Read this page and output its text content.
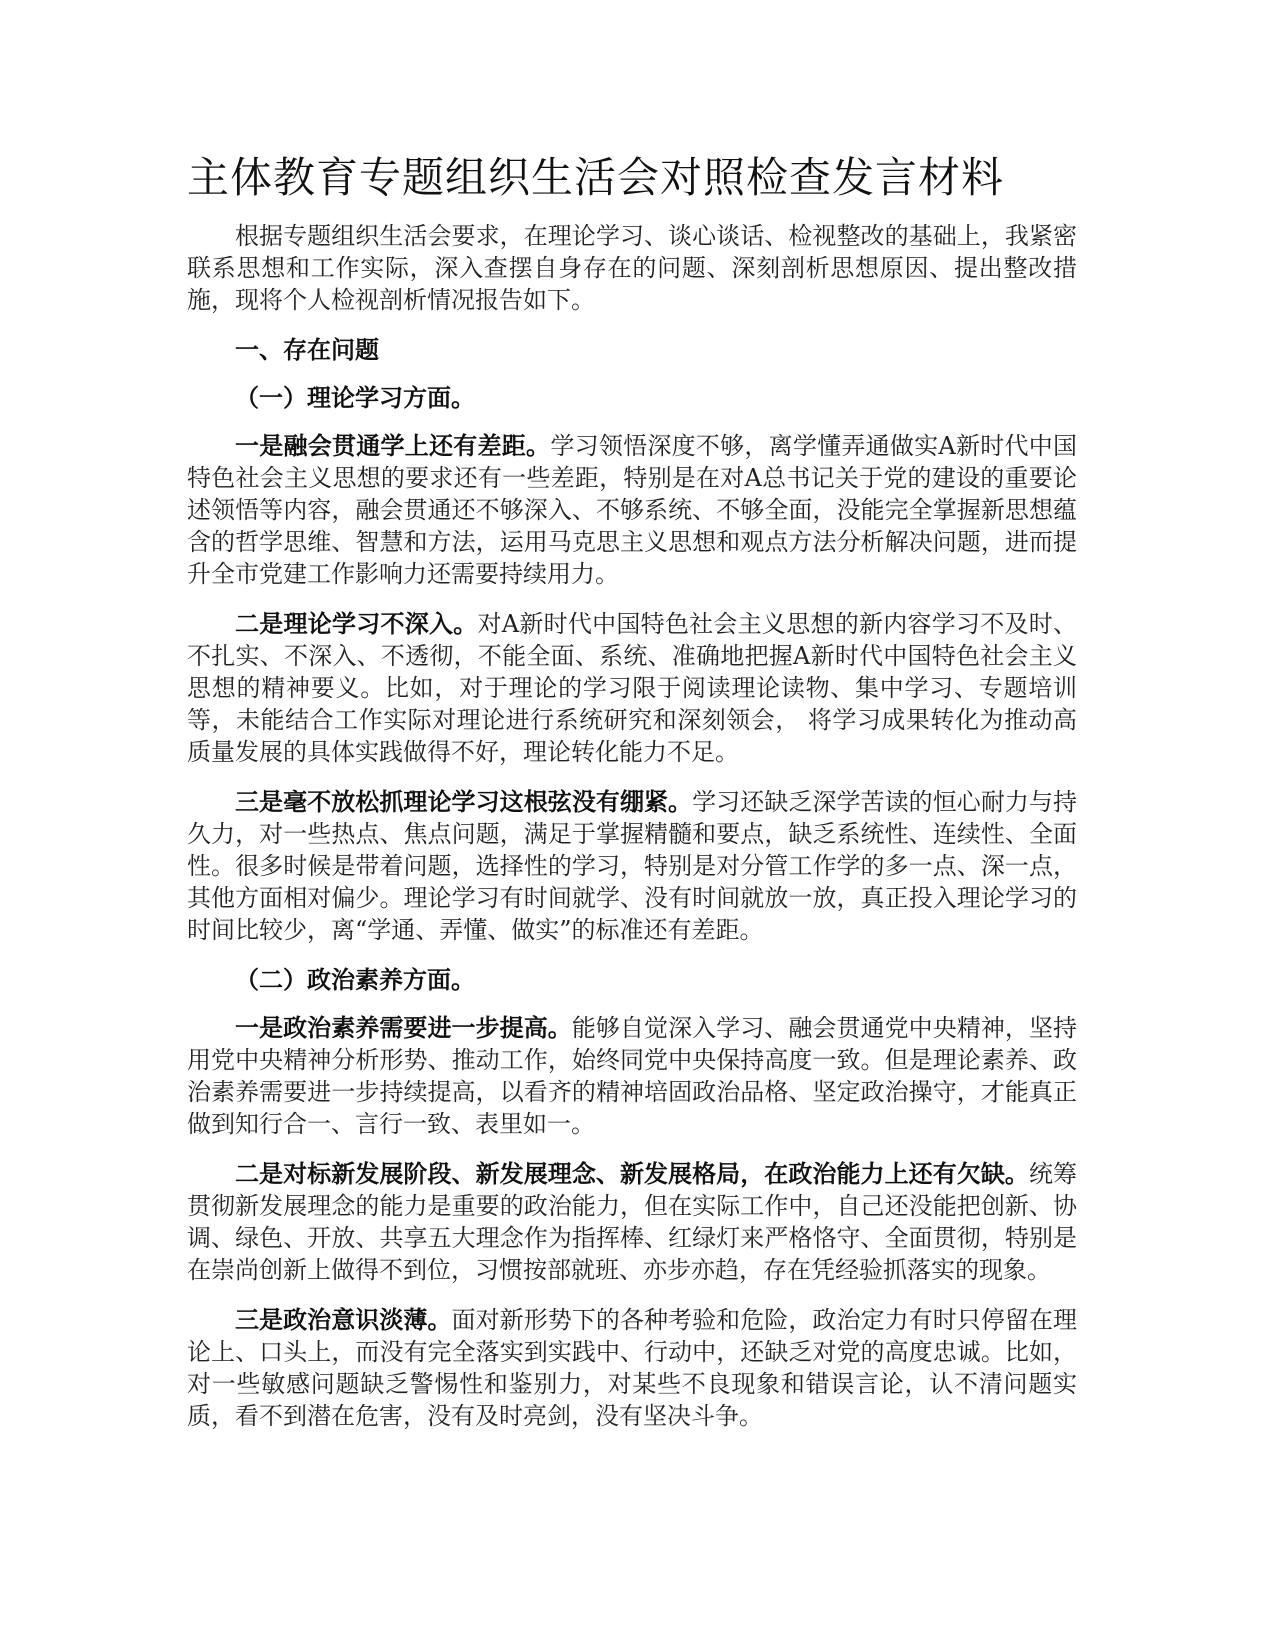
主体教育专题组织生活会对照检查发言材料

根据专题组织生活会要求，在理论学习、谈心谈话、检视整改的基础上，我紧密联系思想和工作实际，深入查摆自身存在的问题、深刻剖析思想原因、提出整改措施，现将个人检视剖析情况报告如下。

一、存在问题
（一）理论学习方面。

一是融会贯通学上还有差距。学习领悟深度不够，离学懂弄通做实A新时代中国特色社会主义思想的要求还有一些差距，特别是在对A总书记关于党的建设的重要论述领悟等内容，融会贯通还不够深入、不够系统、不够全面，没能完全掌握新思想蕴含的哲学思维、智慧和方法，运用马克思主义思想和观点方法分析解决问题，进而提升全市党建工作影响力还需要持续用力。

二是理论学习不深入。对A新时代中国特色社会主义思想的新内容学习不及时、不扎实、不深入、不透彻，不能全面、系统、准确地把握A新时代中国特色社会主义思想的精神要义。比如，对于理论的学习限于阅读理论读物、集中学习、专题培训等，未能结合工作实际对理论进行系统研究和深刻领会， 将学习成果转化为推动高质量发展的具体实践做得不好，理论转化能力不足。

三是毫不放松抓理论学习这根弦没有绷紧。学习还缺乏深学苦读的恒心耐力与持久力，对一些热点、焦点问题，满足于掌握精髓和要点，缺乏系统性、连续性、全面性。很多时候是带着问题，选择性的学习，特别是对分管工作学的多一点、深一点，其他方面相对偏少。理论学习有时间就学、没有时间就放一放，真正投入理论学习的时间比较少，离“学通、弄懂、做实”的标准还有差距。

（二）政治素养方面。

一是政治素养需要进一步提高。能够自觉深入学习、融会贯通党中央精神，坚持用党中央精神分析形势、推动工作，始终同党中央保持高度一致。但是理论素养、政治素养需要进一步持续提高，以看齐的精神培固政治品格、坚定政治操守，才能真正做到知行合一、言行一致、表里如一。

二是对标新发展阶段、新发展理念、新发展格局，在政治能力上还有欠缺。统筹贯彻新发展理念的能力是重要的政治能力，但在实际工作中，自己还没能把创新、协调、绿色、开放、共享五大理念作为指挥棒、红绿灯来严格恪守、全面贯彻，特别是在崇尚创新上做得不到位，习惯按部就班、亦步亦趋，存在凭经验抓落实的现象。

三是政治意识淡薄。面对新形势下的各种考验和危险，政治定力有时只停留在理论上、口头上，而没有完全落实到实践中、行动中，还缺乏对党的高度忠诚。比如，对一些敏感问题缺乏警惕性和鉴别力，对某些不良现象和错误言论，认不清问题实质，看不到潜在危害，没有及时亮剑，没有坚决斗争。
